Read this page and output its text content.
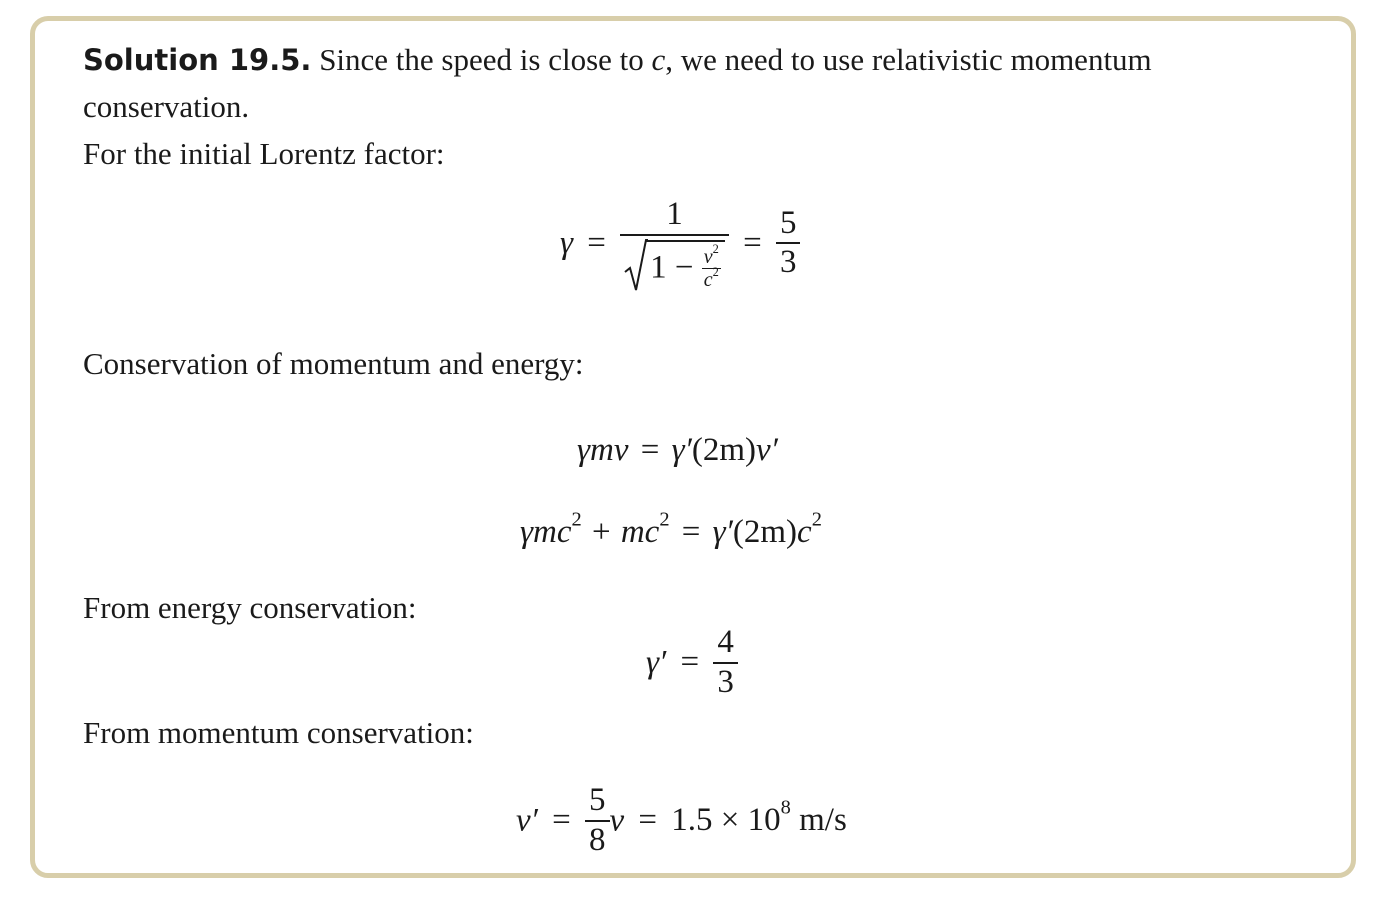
Solution 19.5. Since the speed is close to c, we need to use relativistic momentum
conservation.
For the initial Lorentz factor:
$\gamma = \frac{1}{1 - \frac{v^2}{c^2}} = \frac{5}{3}$
Conservation of momentum and energy:
γmv = γ′(2m)v′
$\gamma mc^2 + mc^2 = \gamma'(2m)c^2$
From energy conservation:
$\gamma' = \frac{4}{3}$
From momentum conservation:
$v' = \frac{5}{8}$ $v = 1.5 \times 10^8$ m/s
